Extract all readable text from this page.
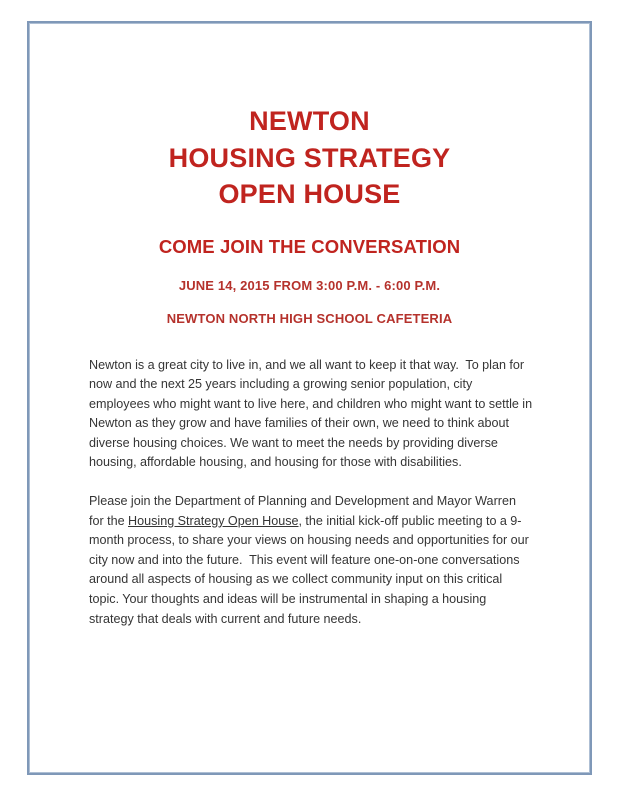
NEWTON
HOUSING STRATEGY
OPEN HOUSE
COME JOIN THE CONVERSATION
JUNE 14, 2015 FROM 3:00 P.M. - 6:00 P.M.
NEWTON NORTH HIGH SCHOOL CAFETERIA

Newton is a great city to live in, and we all want to keep it that way.  To plan for now and the next 25 years including a growing senior population, city employees who might want to live here, and children who might want to settle in Newton as they grow and have families of their own, we need to think about diverse housing choices. We want to meet the needs by providing diverse housing, affordable housing, and housing for those with disabilities.

Please join the Department of Planning and Development and Mayor Warren for the Housing Strategy Open House, the initial kick-off public meeting to a 9-month process, to share your views on housing needs and opportunities for our city now and into the future.  This event will feature one-on-one conversations around all aspects of housing as we collect community input on this critical topic. Your thoughts and ideas will be instrumental in shaping a housing strategy that deals with current and future needs.
